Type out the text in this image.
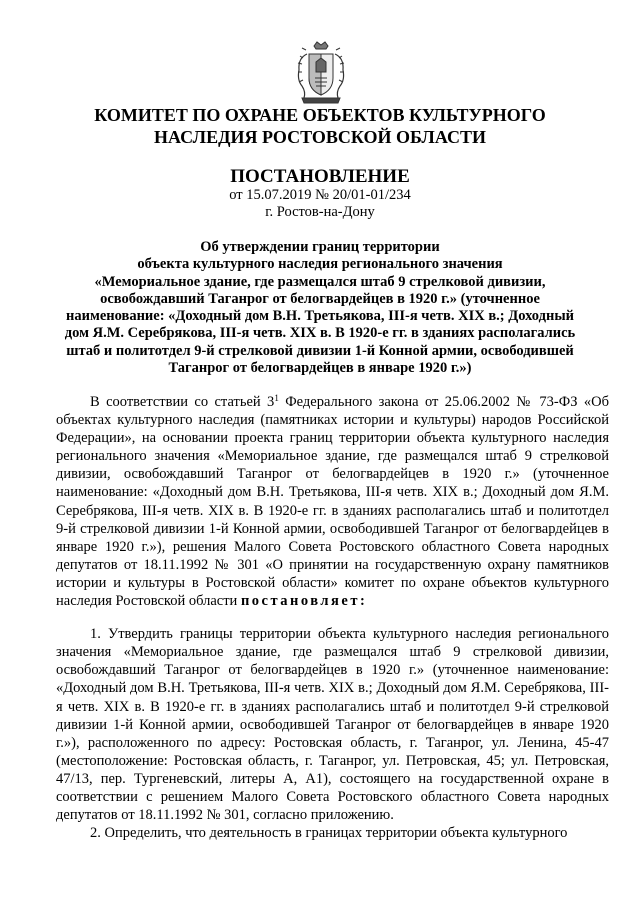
КОМИТЕТ ПО ОХРАНЕ ОБЪЕКТОВ КУЛЬТУРНОГО
НАСЛЕДИЯ РОСТОВСКОЙ ОБЛАСТИ
ПОСТАНОВЛЕНИЕ
от 15.07.2019 № 20/01-01/234
г. Ростов-на-Дону
Об утверждении границ территории
объекта культурного наследия регионального значения
«Мемориальное здание, где размещался штаб 9 стрелковой дивизии,
освобождавший Таганрог от белогвардейцев в 1920 г.» (уточненное
наименование: «Доходный дом В.Н. Третьякова, III-я четв. XIX в.; Доходный
дом Я.М. Серебрякова, III-я четв. XIX в. В 1920-е гг. в зданиях располагались
штаб и политотдел 9-й стрелковой дивизии 1-й Конной армии, освободившей
Таганрог от белогвардейцев в январе 1920 г.»)

В соответствии со статьей $3^1$ Федерального закона от 25.06.2002 № 73-ФЗ «Об объектах культурного наследия (памятниках истории и культуры) народов Российской Федерации», на основании проекта границ территории объекта культурного наследия регионального значения «Мемориальное здание, где размещался штаб 9 стрелковой дивизии, освобождавший Таганрог от белогвардейцев в 1920 г.» (уточненное наименование: «Доходный дом В.Н. Третьякова, III-я четв. XIX в.; Доходный дом Я.М. Серебрякова, III-я четв. XIX в. В 1920-е гг. в зданиях располагались штаб и политотдел 9-й стрелковой дивизии 1-й Конной армии, освободившей Таганрог от белогвардейцев в январе 1920 г.»), решения Малого Совета Ростовского областного Совета народных депутатов от 18.11.1992 № 301 «О принятии на государственную охрану памятников истории и культуры в Ростовской области» комитет по охране объектов культурного наследия Ростовской области постановляет:

1. Утвердить границы территории объекта культурного наследия регионального значения «Мемориальное здание, где размещался штаб 9 стрелковой дивизии, освобождавший Таганрог от белогвардейцев в 1920 г.» (уточненное наименование: «Доходный дом В.Н. Третьякова, III-я четв. XIX в.; Доходный дом Я.М. Серебрякова, III-я четв. XIX в. В 1920-е гг. в зданиях располагались штаб и политотдел 9-й стрелковой дивизии 1-й Конной армии, освободившей Таганрог от белогвардейцев в январе 1920 г.»), расположенного по адресу: Ростовская область, г. Таганрог, ул. Ленина, 45-47 (местоположение: Ростовская область, г. Таганрог, ул. Петровская, 45; ул. Петровская, 47/13, пер. Тургеневский, литеры А, А1), состоящего на государственной охране в соответствии с решением Малого Совета Ростовского областного Совета народных депутатов от 18.11.1992 № 301, согласно приложению.

2. Определить, что деятельность в границах территории объекта культурного
